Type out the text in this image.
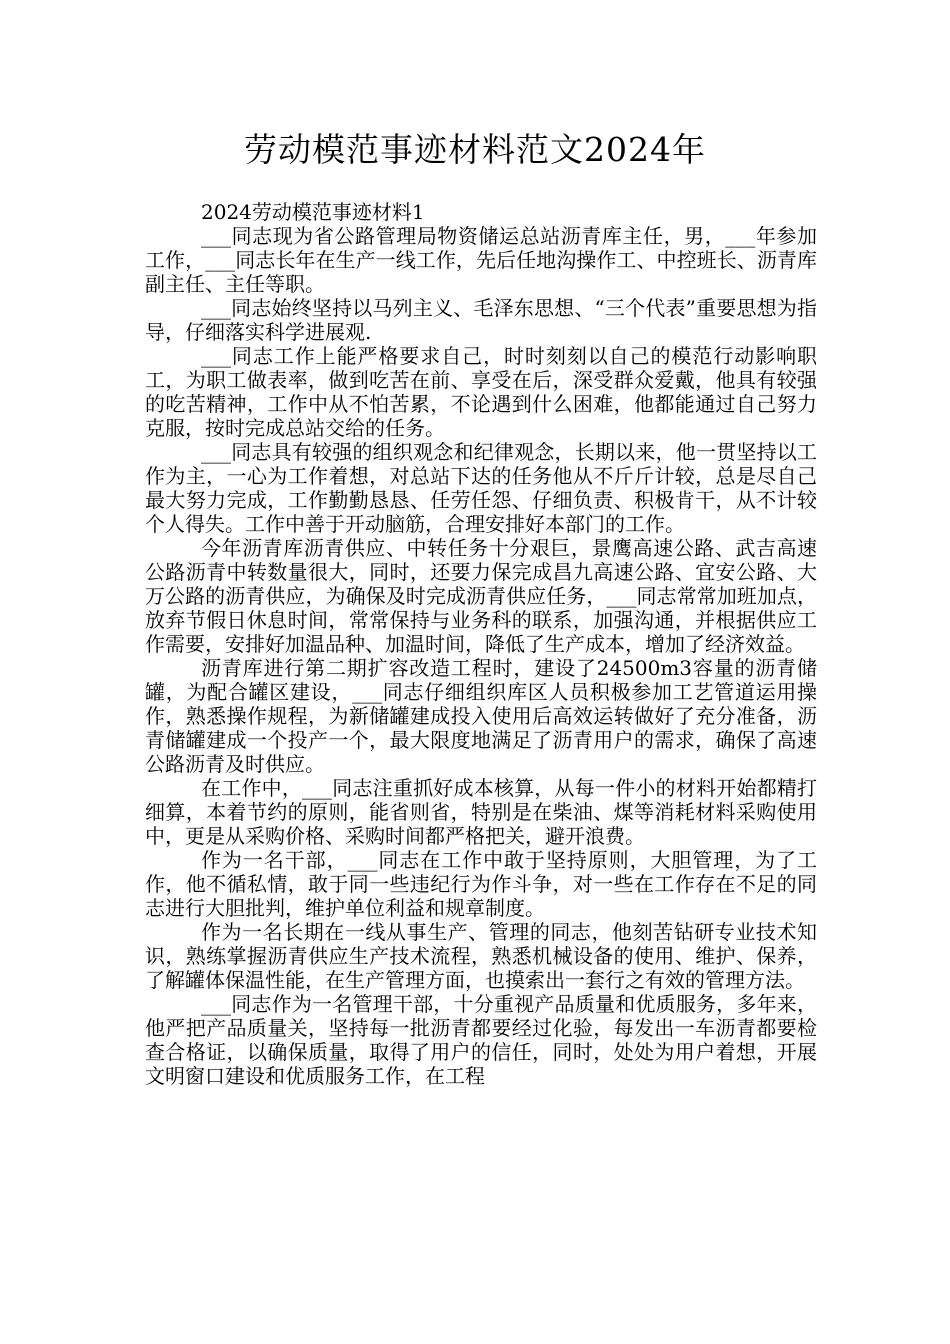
劳动模范事迹材料范文2024年

2024劳动模范事迹材料1

___同志现为省公路管理局物资储运总站沥青库主任，男，___年参加工作，___同志长年在生产一线工作，先后任地沟操作工、中控班长、沥青库副主任、主任等职。

___同志始终坚持以马列主义、毛泽东思想、“三个代表”重要思想为指导，仔细落实科学进展观.

___同志工作上能严格要求自己，时时刻刻以自己的模范行动影响职工，为职工做表率，做到吃苦在前、享受在后，深受群众爱戴，他具有较强的吃苦精神，工作中从不怕苦累，不论遇到什么困难，他都能通过自己努力克服，按时完成总站交给的任务。

___同志具有较强的组织观念和纪律观念，长期以来，他一贯坚持以工作为主，一心为工作着想，对总站下达的任务他从不斤斤计较，总是尽自己最大努力完成，工作勤勤恳恳、任劳任怨、仔细负责、积极肯干，从不计较个人得失。工作中善于开动脑筋，合理安排好本部门的工作。

今年沥青库沥青供应、中转任务十分艰巨，景鹰高速公路、武吉高速公路沥青中转数量很大，同时，还要力保完成昌九高速公路、宜安公路、大万公路的沥青供应，为确保及时完成沥青供应任务，___同志常常加班加点，放弃节假日休息时间，常常保持与业务科的联系，加强沟通，并根据供应工作需要，安排好加温品种、加温时间，降低了生产成本，增加了经济效益。

沥青库进行第二期扩容改造工程时，建设了24500m3容量的沥青储罐，为配合罐区建设，___同志仔细组织库区人员积极参加工艺管道运用操作，熟悉操作规程，为新储罐建成投入使用后高效运转做好了充分准备，沥青储罐建成一个投产一个，最大限度地满足了沥青用户的需求，确保了高速公路沥青及时供应。

在工作中，___同志注重抓好成本核算，从每一件小的材料开始都精打细算，本着节约的原则，能省则省，特别是在柴油、煤等消耗材料采购使用中，更是从采购价格、采购时间都严格把关，避开浪费。

作为一名干部，___同志在工作中敢于坚持原则，大胆管理，为了工作，他不循私情，敢于同一些违纪行为作斗争，对一些在工作存在不足的同志进行大胆批判，维护单位利益和规章制度。

作为一名长期在一线从事生产、管理的同志，他刻苦钻研专业技术知识，熟练掌握沥青供应生产技术流程，熟悉机械设备的使用、维护、保养，了解罐体保温性能，在生产管理方面，也摸索出一套行之有效的管理方法。

___同志作为一名管理干部，十分重视产品质量和优质服务，多年来，他严把产品质量关，坚持每一批沥青都要经过化验，每发出一车沥青都要检查合格证，以确保质量，取得了用户的信任，同时，处处为用户着想，开展文明窗口建设和优质服务工作，在工程
